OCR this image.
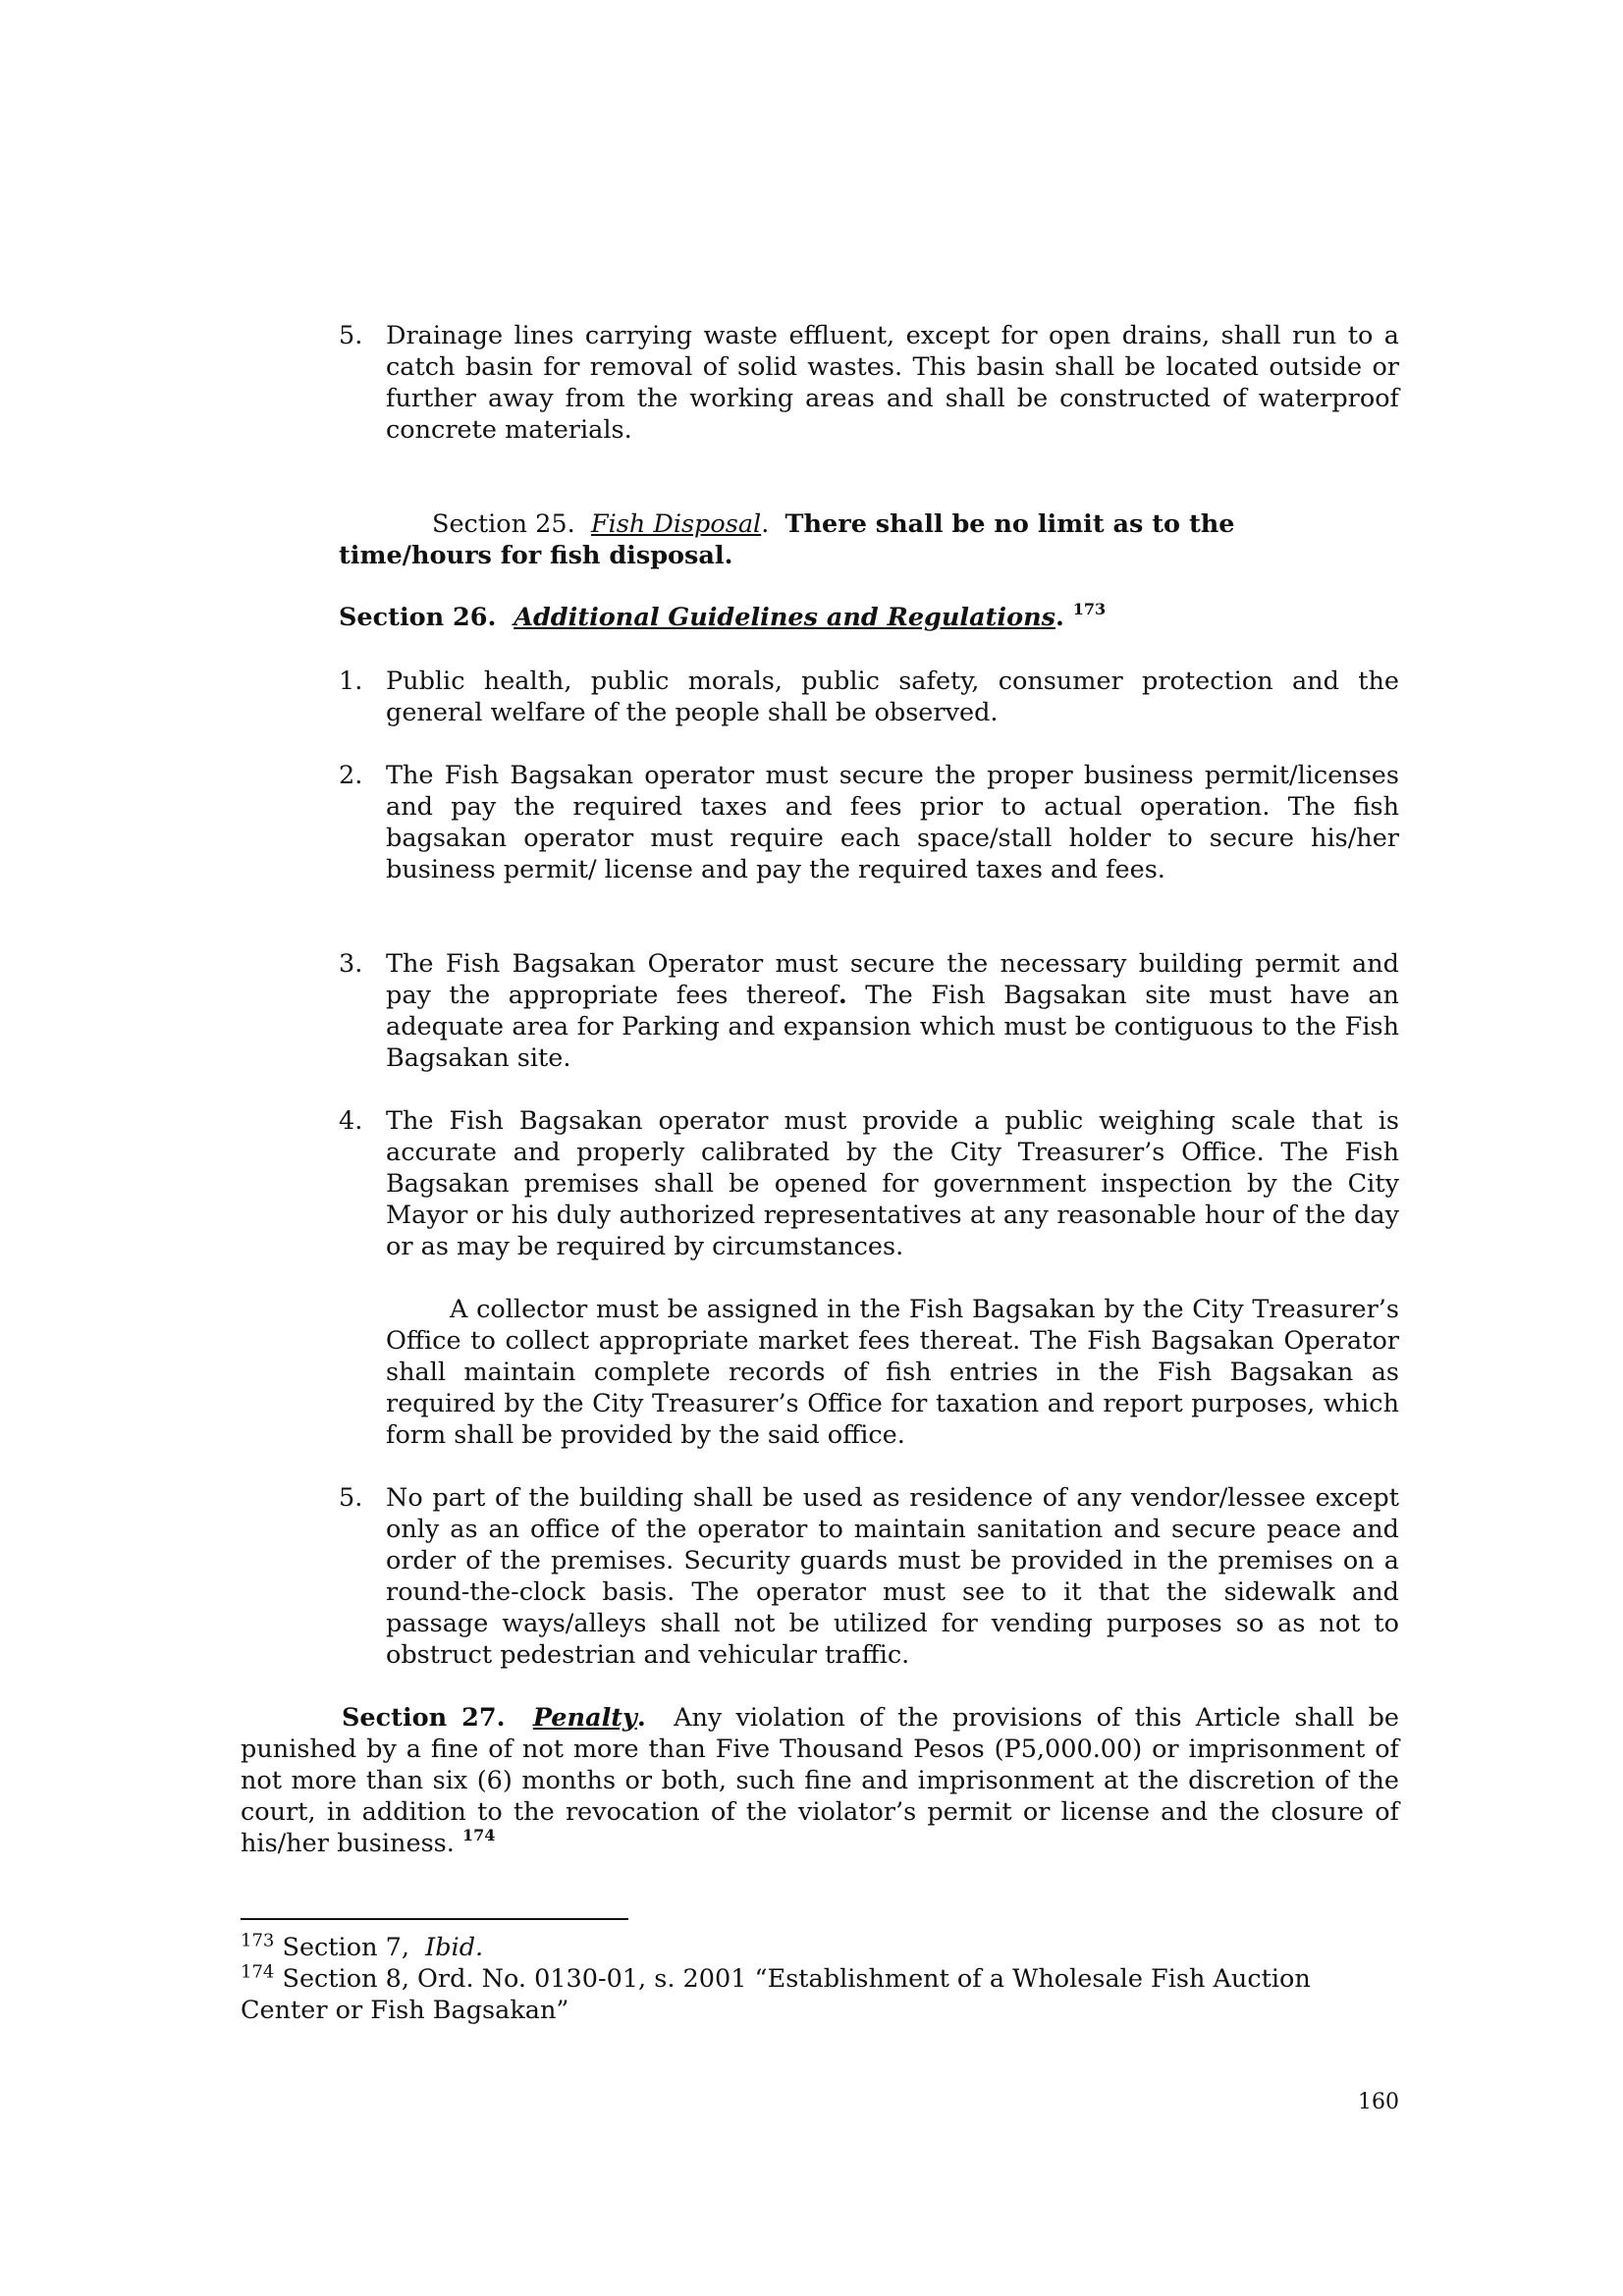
5. Drainage lines carrying waste effluent, except for open drains, shall run to a catch basin for removal of solid wastes. This basin shall be located outside or further away from the working areas and shall be constructed of waterproof concrete materials.
Section 25. Fish Disposal. There shall be no limit as to the time/hours for fish disposal.
Section 26. Additional Guidelines and Regulations. $^{173}$
1. Public health, public morals, public safety, consumer protection and the general welfare of the people shall be observed.
2. The Fish Bagsakan operator must secure the proper business permit/licenses and pay the required taxes and fees prior to actual operation. The fish bagsakan operator must require each space/stall holder to secure his/her business permit/ license and pay the required taxes and fees.
3. The Fish Bagsakan Operator must secure the necessary building permit and pay the appropriate fees thereof. The Fish Bagsakan site must have an adequate area for Parking and expansion which must be contiguous to the Fish Bagsakan site.
4. The Fish Bagsakan operator must provide a public weighing scale that is accurate and properly calibrated by the City Treasurer’s Office. The Fish Bagsakan premises shall be opened for government inspection by the City Mayor or his duly authorized representatives at any reasonable hour of the day or as may be required by circumstances.
A collector must be assigned in the Fish Bagsakan by the City Treasurer’s Office to collect appropriate market fees thereat. The Fish Bagsakan Operator shall maintain complete records of fish entries in the Fish Bagsakan as required by the City Treasurer’s Office for taxation and report purposes, which form shall be provided by the said office.
5. No part of the building shall be used as residence of any vendor/lessee except only as an office of the operator to maintain sanitation and secure peace and order of the premises. Security guards must be provided in the premises on a round-the-clock basis. The operator must see to it that the sidewalk and passage ways/alleys shall not be utilized for vending purposes so as not to obstruct pedestrian and vehicular traffic.
Section 27. Penalty. Any violation of the provisions of this Article shall be punished by a fine of not more than Five Thousand Pesos (P5,000.00) or imprisonment of not more than six (6) months or both, such fine and imprisonment at the discretion of the court, in addition to the revocation of the violator’s permit or license and the closure of his/her business. $^{174}$
$^{173}$ Section 7, Ibid.
$^{174}$ Section 8, Ord. No. 0130-01, s. 2001 “Establishment of a Wholesale Fish Auction Center or Fish Bagsakan”
160
